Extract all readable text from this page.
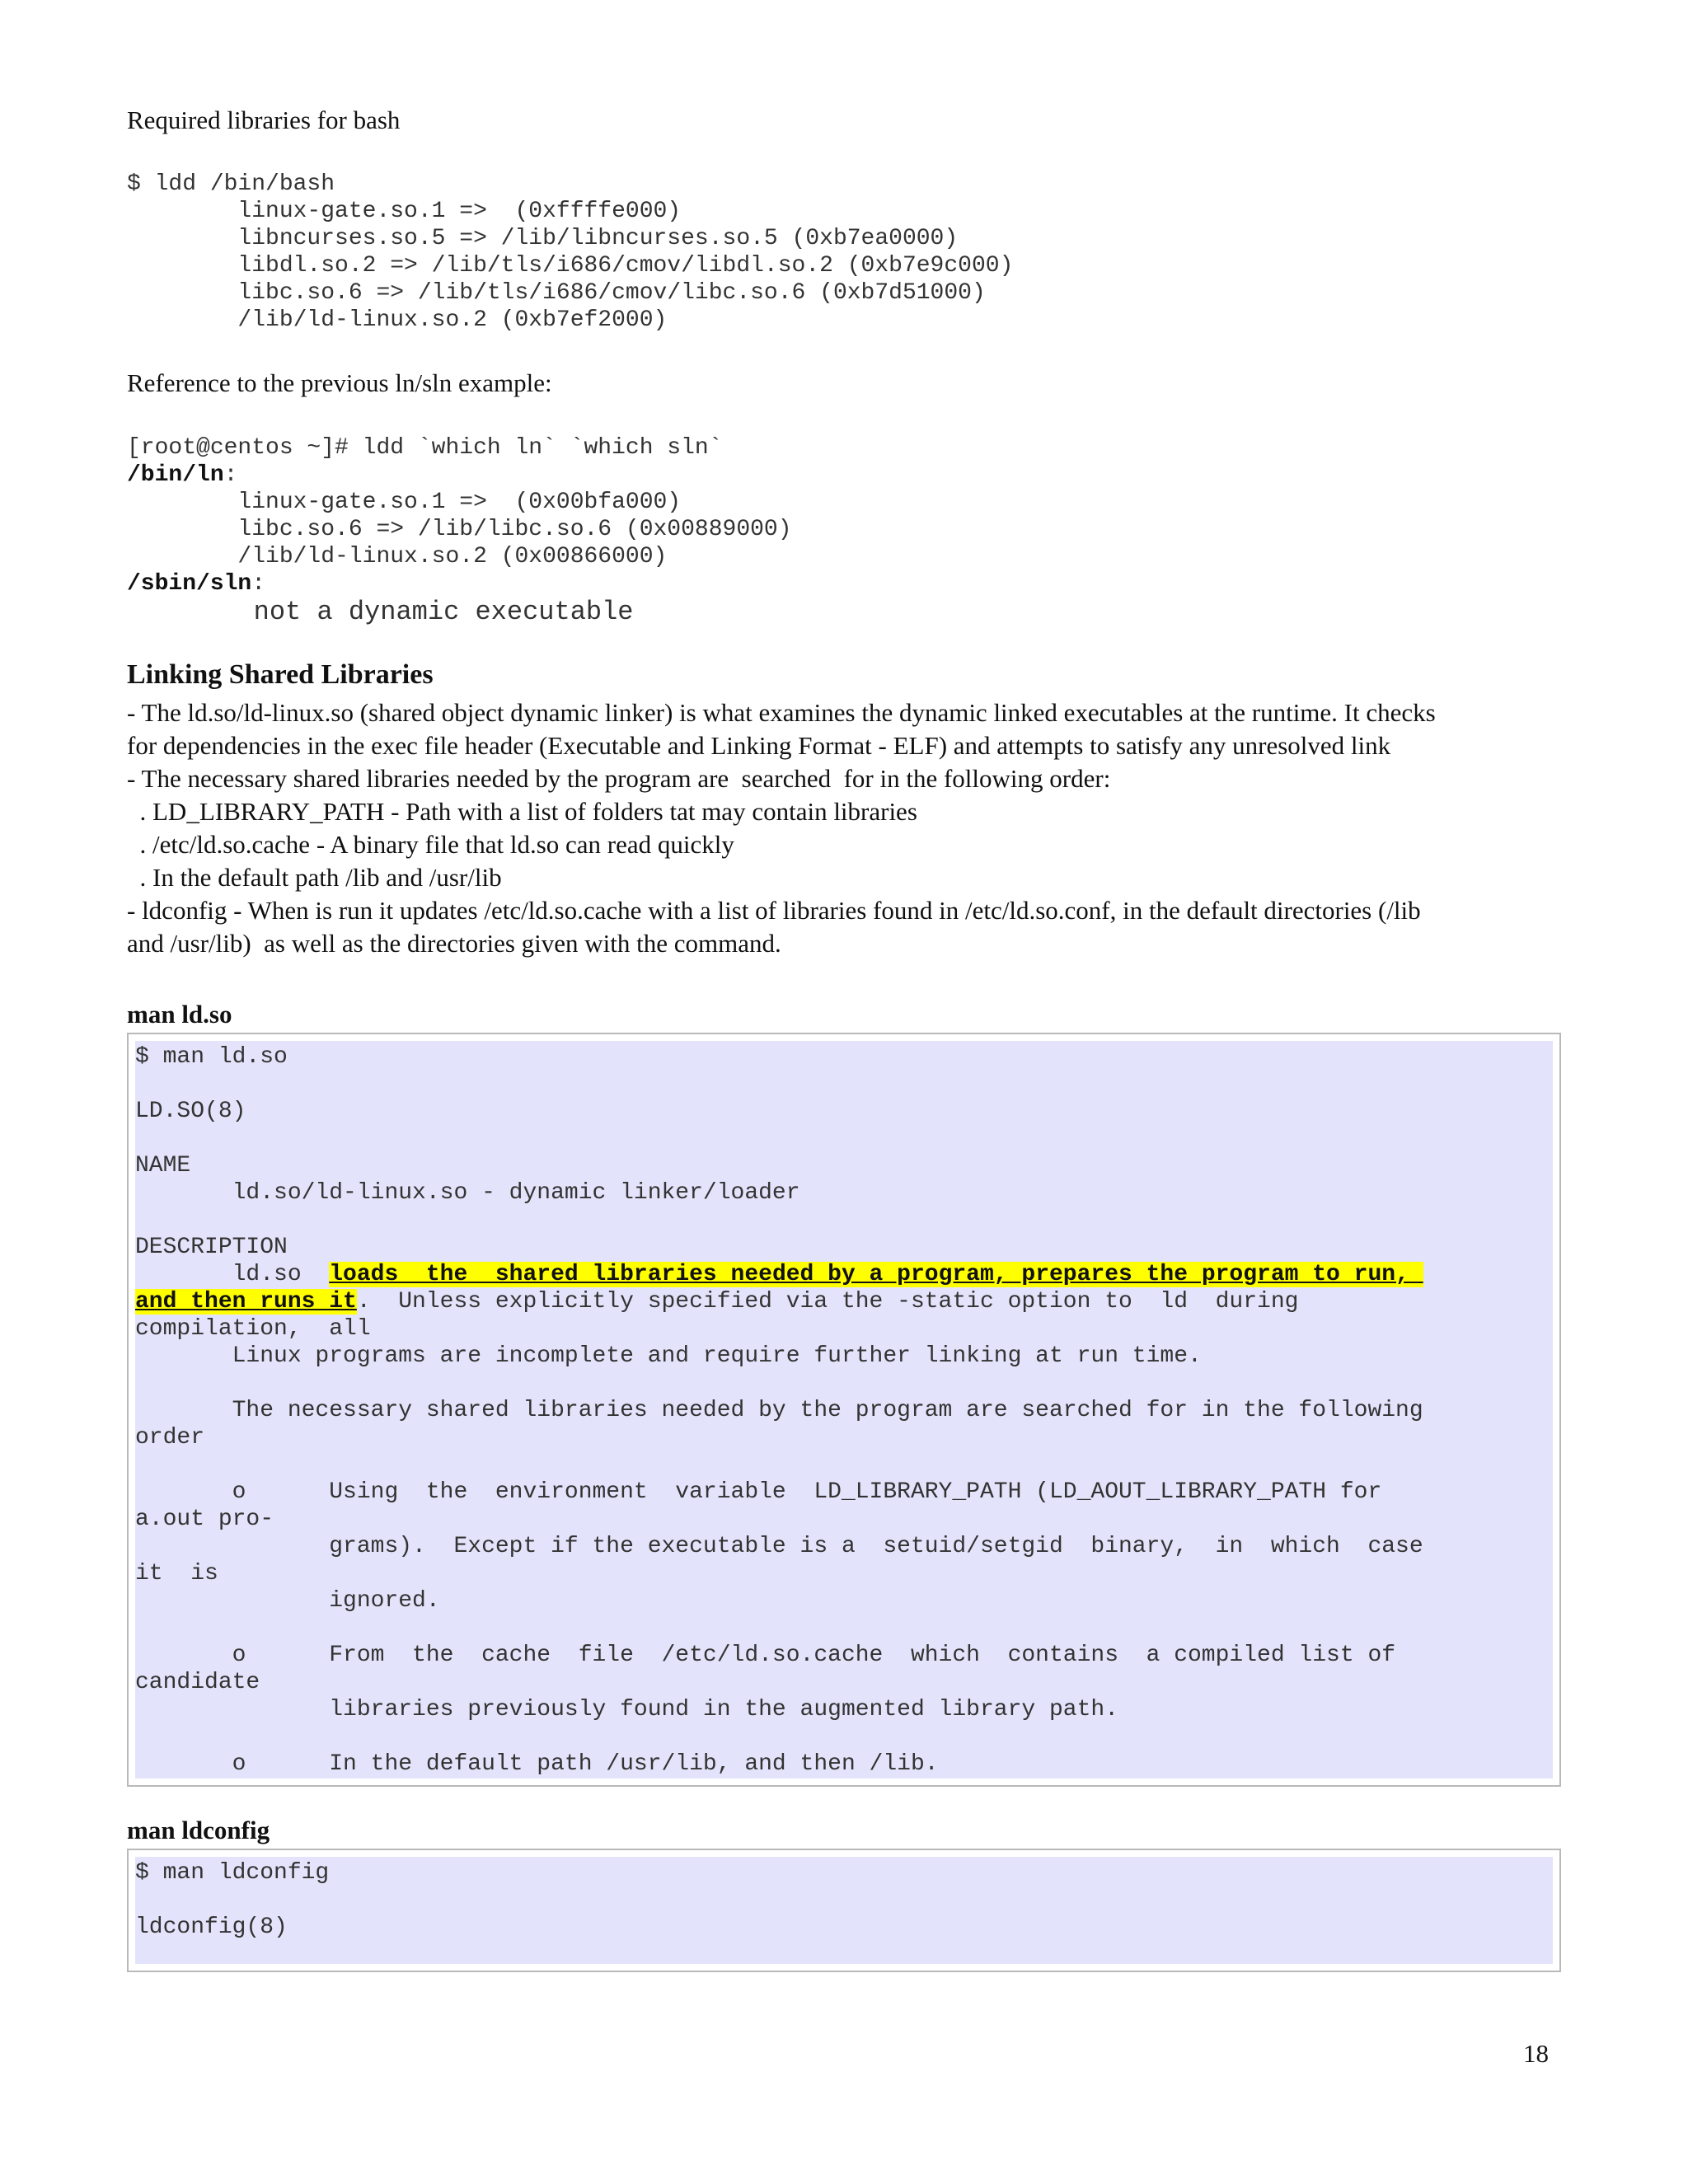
Required libraries for bash
$ ldd /bin/bash
linux-gate.so.1 =>  (0xffffe000)
libncurses.so.5 => /lib/libncurses.so.5 (0xb7ea0000)
libdl.so.2 => /lib/tls/i686/cmov/libdl.so.2 (0xb7e9c000)
libc.so.6 => /lib/tls/i686/cmov/libc.so.6 (0xb7d51000)
/lib/ld-linux.so.2 (0xb7ef2000)
Reference to the previous ln/sln example:
[root@centos ~]# ldd `which ln` `which sln`
/bin/ln:
linux-gate.so.1 =>  (0x00bfa000)
libc.so.6 => /lib/libc.so.6 (0x00889000)
/lib/ld-linux.so.2 (0x00866000)
/sbin/sln:
not a dynamic executable
Linking Shared Libraries
- The ld.so/ld-linux.so (shared object dynamic linker) is what examines the dynamic linked executables at the runtime. It checks
for dependencies in the exec file header (Executable and Linking Format - ELF) and attempts to satisfy any unresolved link
- The necessary shared libraries needed by the program are  searched  for in the following order:
. LD_LIBRARY_PATH - Path with a list of folders tat may contain libraries
. /etc/ld.so.cache - A binary file that ld.so can read quickly
. In the default path /lib and /usr/lib
- ldconfig - When is run it updates /etc/ld.so.cache with a list of libraries found in /etc/ld.so.conf, in the default directories (/lib
and /usr/lib)  as well as the directories given with the command.
man ld.so
$ man ld.so
LD.SO(8)
NAME
ld.so/ld-linux.so - dynamic linker/loader
DESCRIPTION
ld.so  loads  the  shared libraries needed by a program, prepares the program to run,
and then runs it.  Unless explicitly specified via the -static option to  ld  during
compilation,  all
Linux programs are incomplete and require further linking at run time.
The necessary shared libraries needed by the program are searched for in the following
order
o      Using  the  environment  variable  LD_LIBRARY_PATH (LD_AOUT_LIBRARY_PATH for
a.out pro-
grams).  Except if the executable is a  setuid/setgid  binary,  in  which  case
it  is
ignored.
o      From  the  cache  file  /etc/ld.so.cache  which  contains  a compiled list of
candidate
libraries previously found in the augmented library path.
o      In the default path /usr/lib, and then /lib.
man ldconfig
$ man ldconfig
ldconfig(8)
18
